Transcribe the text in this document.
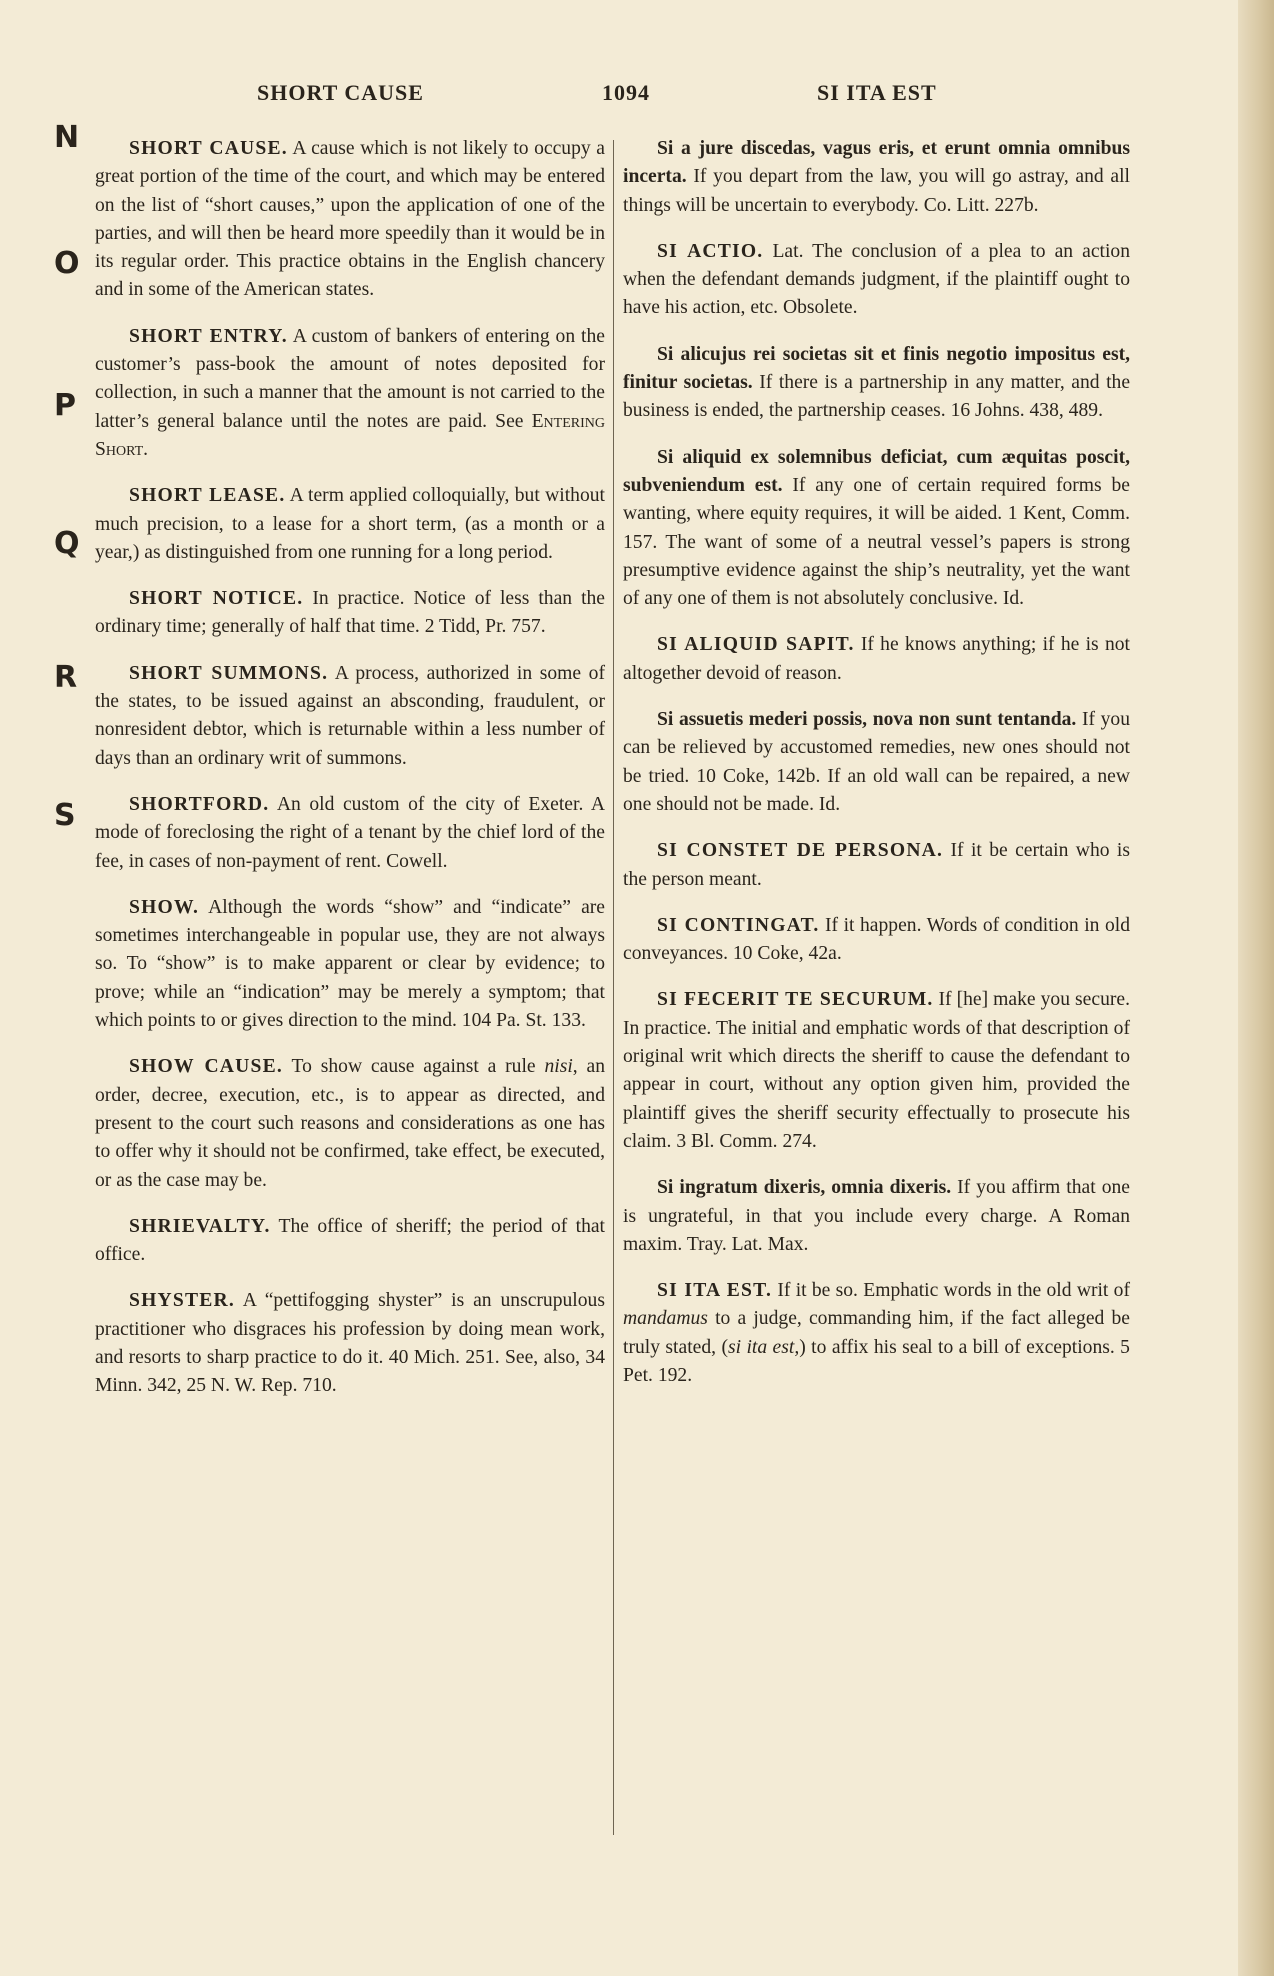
SHORT CAUSE	1094	SI ITA EST
N
O
P
Q
R
S

SHORT CAUSE. A cause which is not likely to occupy a great portion of the time of the court, and which may be entered on the list of “short causes,” upon the application of one of the parties, and will then be heard more speedily than it would be in its regular order. This practice obtains in the English chancery and in some of the American states.

SHORT ENTRY. A custom of bankers of entering on the customer’s pass-book the amount of notes deposited for collection, in such a manner that the amount is not carried to the latter’s general balance until the notes are paid. See Entering Short.

SHORT LEASE. A term applied colloquially, but without much precision, to a lease for a short term, (as a month or a year,) as distinguished from one running for a long period.

SHORT NOTICE. In practice. Notice of less than the ordinary time; generally of half that time. 2 Tidd, Pr. 757.

SHORT SUMMONS. A process, authorized in some of the states, to be issued against an absconding, fraudulent, or nonresident debtor, which is returnable within a less number of days than an ordinary writ of summons.

SHORTFORD. An old custom of the city of Exeter. A mode of foreclosing the right of a tenant by the chief lord of the fee, in cases of non-payment of rent. Cowell.

SHOW. Although the words “show” and “indicate” are sometimes interchangeable in popular use, they are not always so. To “show” is to make apparent or clear by evidence; to prove; while an “indication” may be merely a symptom; that which points to or gives direction to the mind. 104 Pa. St. 133.

SHOW CAUSE. To show cause against a rule nisi, an order, decree, execution, etc., is to appear as directed, and present to the court such reasons and considerations as one has to offer why it should not be confirmed, take effect, be executed, or as the case may be.

SHRIEVALTY. The office of sheriff; the period of that office.

SHYSTER. A “pettifogging shyster” is an unscrupulous practitioner who disgraces his profession by doing mean work, and resorts to sharp practice to do it. 40 Mich. 251. See, also, 34 Minn. 342, 25 N. W. Rep. 710.

Si a jure discedas, vagus eris, et erunt omnia omnibus incerta. If you depart from the law, you will go astray, and all things will be uncertain to everybody. Co. Litt. 227b.

SI ACTIO. Lat. The conclusion of a plea to an action when the defendant demands judgment, if the plaintiff ought to have his action, etc. Obsolete.

Si alicujus rei societas sit et finis negotio impositus est, finitur societas. If there is a partnership in any matter, and the business is ended, the partnership ceases. 16 Johns. 438, 489.

Si aliquid ex solemnibus deficiat, cum æquitas poscit, subveniendum est. If any one of certain required forms be wanting, where equity requires, it will be aided. 1 Kent, Comm. 157. The want of some of a neutral vessel’s papers is strong presumptive evidence against the ship’s neutrality, yet the want of any one of them is not absolutely conclusive. Id.

SI ALIQUID SAPIT. If he knows anything; if he is not altogether devoid of reason.

Si assuetis mederi possis, nova non sunt tentanda. If you can be relieved by accustomed remedies, new ones should not be tried. 10 Coke, 142b. If an old wall can be repaired, a new one should not be made. Id.

SI CONSTET DE PERSONA. If it be certain who is the person meant.

SI CONTINGAT. If it happen. Words of condition in old conveyances. 10 Coke, 42a.

SI FECERIT TE SECURUM. If [he] make you secure. In practice. The initial and emphatic words of that description of original writ which directs the sheriff to cause the defendant to appear in court, without any option given him, provided the plaintiff gives the sheriff security effectually to prosecute his claim. 3 Bl. Comm. 274.

Si ingratum dixeris, omnia dixeris. If you affirm that one is ungrateful, in that you include every charge. A Roman maxim. Tray. Lat. Max.

SI ITA EST. If it be so. Emphatic words in the old writ of mandamus to a judge, commanding him, if the fact alleged be truly stated, (si ita est,) to affix his seal to a bill of exceptions. 5 Pet. 192.
